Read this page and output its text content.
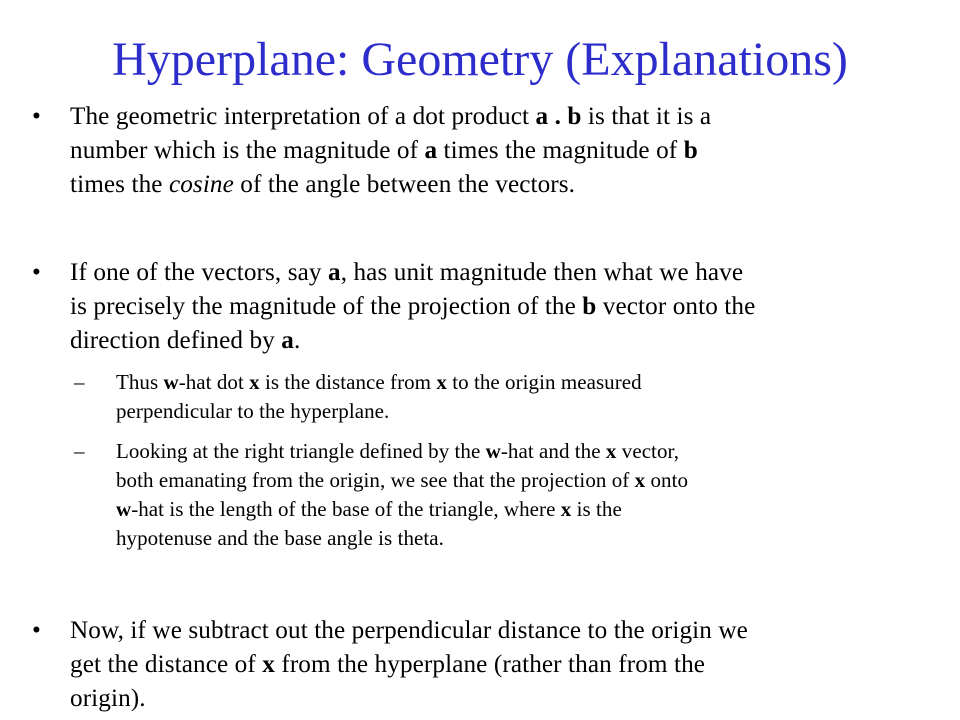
Hyperplane: Geometry (Explanations)
• The geometric interpretation of a dot product a . b is that it is a
number which is the magnitude of a times the magnitude of b
times the cosine of the angle between the vectors.
• If one of the vectors, say a, has unit magnitude then what we have
is precisely the magnitude of the projection of the b vector onto the
direction defined by a.
– Thus w-hat dot x is the distance from x to the origin measured
perpendicular to the hyperplane.
– Looking at the right triangle defined by the w-hat and the x vector,
both emanating from the origin, we see that the projection of x onto
w-hat is the length of the base of the triangle, where x is the
hypotenuse and the base angle is theta.
• Now, if we subtract out the perpendicular distance to the origin we
get the distance of x from the hyperplane (rather than from the
origin).
